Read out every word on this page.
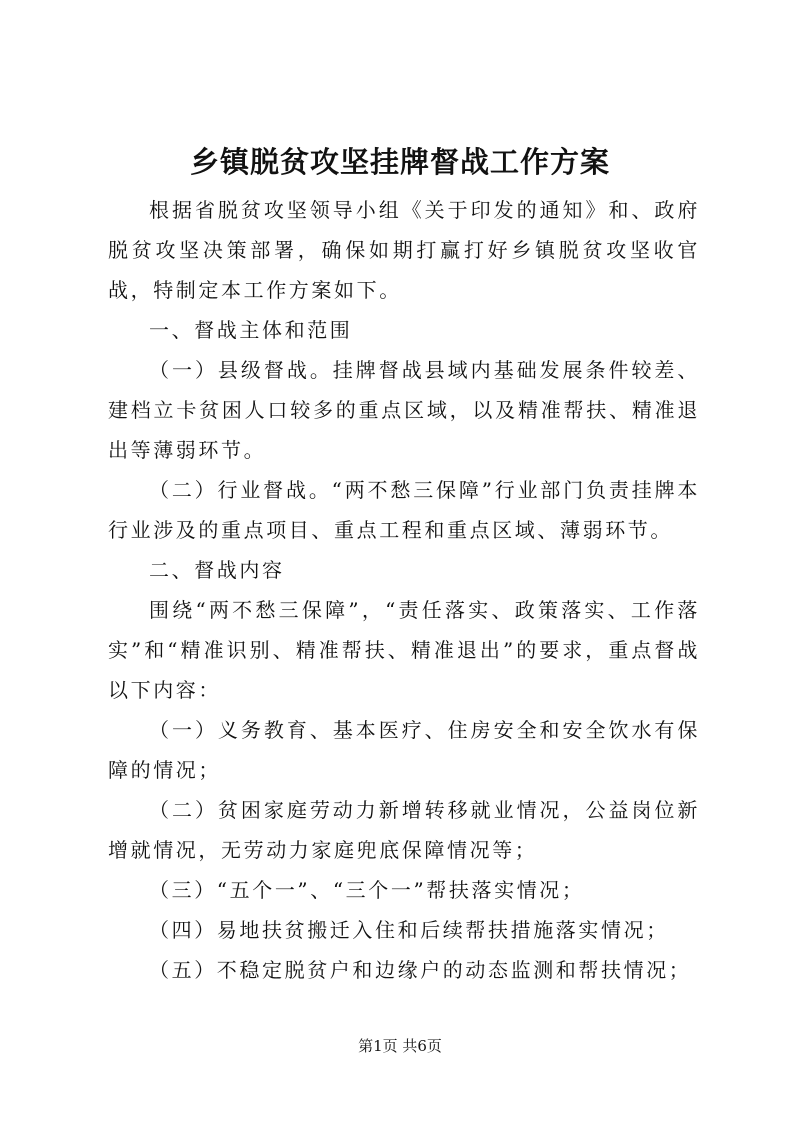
乡镇脱贫攻坚挂牌督战工作方案

根据省脱贫攻坚领导小组《关于印发的通知》和、政府脱贫攻坚决策部署，确保如期打赢打好乡镇脱贫攻坚收官战，特制定本工作方案如下。

一、督战主体和范围

（一）县级督战。挂牌督战县域内基础发展条件较差、建档立卡贫困人口较多的重点区域，以及精准帮扶、精准退出等薄弱环节。

（二）行业督战。“两不愁三保障”行业部门负责挂牌本行业涉及的重点项目、重点工程和重点区域、薄弱环节。

二、督战内容

围绕“两不愁三保障”，“责任落实、政策落实、工作落实”和“精准识别、精准帮扶、精准退出”的要求，重点督战以下内容：

（一）义务教育、基本医疗、住房安全和安全饮水有保障的情况；

（二）贫困家庭劳动力新增转移就业情况，公益岗位新增就情况，无劳动力家庭兜底保障情况等；

（三）“五个一”、“三个一”帮扶落实情况；

（四）易地扶贫搬迁入住和后续帮扶措施落实情况；

（五）不稳定脱贫户和边缘户的动态监测和帮扶情况；

第1页 共6页
